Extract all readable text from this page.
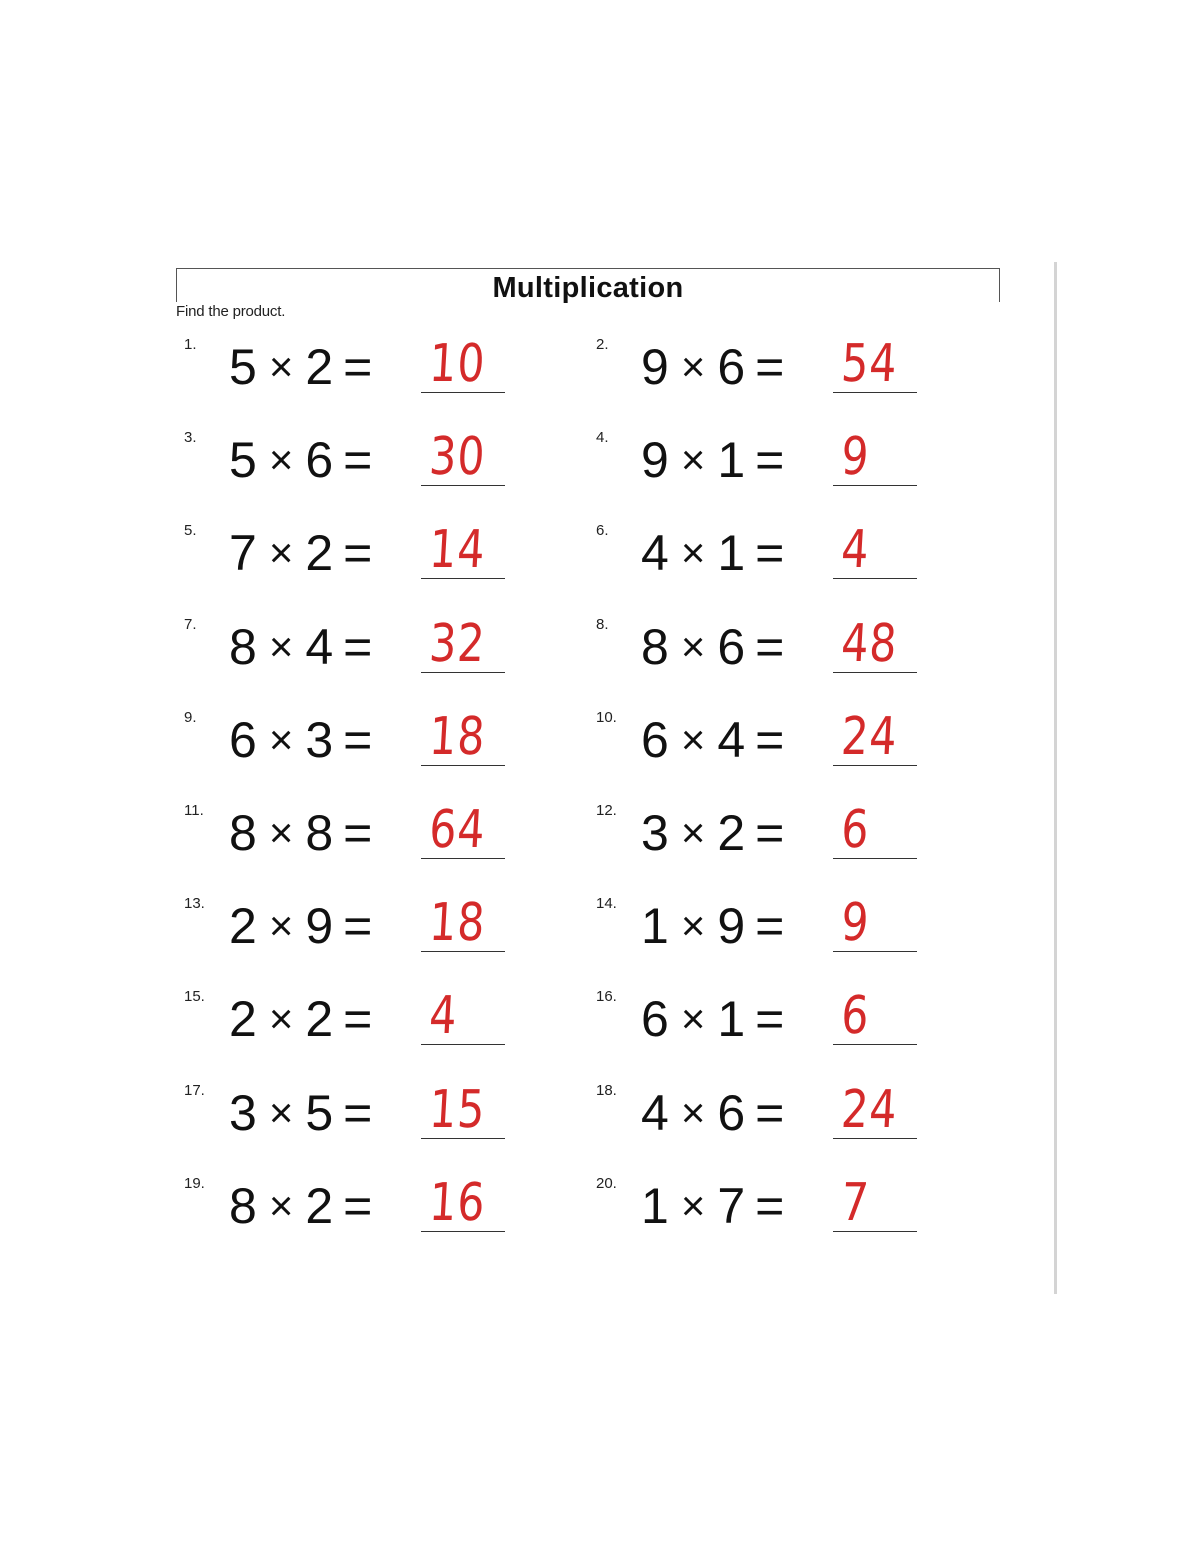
Multiplication
Find the product.
1. 5 × 2 = 10	2. 9 × 6 = 54
3. 5 × 6 = 30	4. 9 × 1 = 9
5. 7 × 2 = 14	6. 4 × 1 = 4
7. 8 × 4 = 32	8. 8 × 6 = 48
9. 6 × 3 = 18	10. 6 × 4 = 24
11. 8 × 8 = 64	12. 3 × 2 = 6
13. 2 × 9 = 18	14. 1 × 9 = 9
15. 2 × 2 = 4	16. 6 × 1 = 6
17. 3 × 5 = 15	18. 4 × 6 = 24
19. 8 × 2 = 16	20. 1 × 7 = 7
